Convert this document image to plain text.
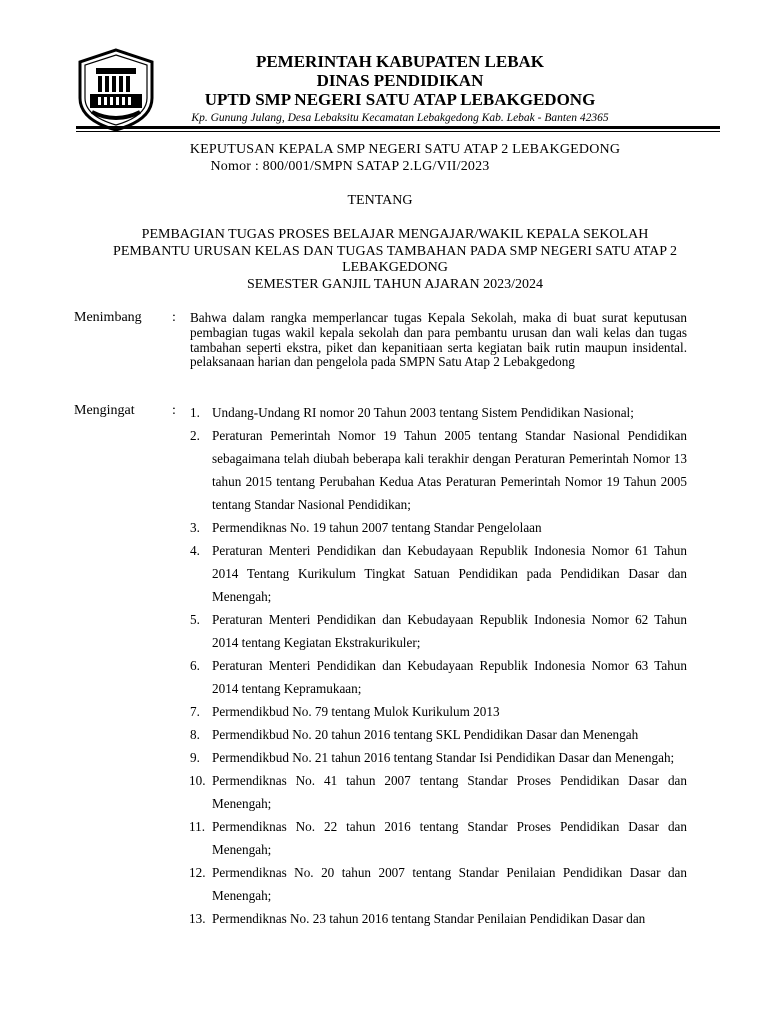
PEMERINTAH KABUPATEN LEBAK
DINAS PENDIDIKAN
UPTD SMP NEGERI SATU ATAP LEBAKGEDONG
Kp. Gunung Julang, Desa Lebaksitu Kecamatan Lebakgedong Kab. Lebak - Banten 42365
KEPUTUSAN KEPALA SMP NEGERI SATU ATAP 2 LEBAKGEDONG
Nomor : 800/001/SMPN SATAP 2.LG/VII/2023
TENTANG
PEMBAGIAN TUGAS PROSES BELAJAR MENGAJAR/WAKIL KEPALA SEKOLAH
PEMBANTU URUSAN KELAS DAN TUGAS TAMBAHAN PADA SMP NEGERI SATU ATAP 2
LEBAKGEDONG
SEMESTER GANJIL TAHUN AJARAN 2023/2024
Menimbang : Bahwa dalam rangka memperlancar tugas Kepala Sekolah, maka di buat surat keputusan pembagian tugas wakil kepala sekolah dan para pembantu urusan dan wali kelas dan tugas tambahan seperti ekstra, piket dan kepanitiaan serta kegiatan baik rutin maupun insidental. pelaksanaan harian dan pengelola pada SMPN Satu Atap 2 Lebakgedong
Mengingat	: 1. Undang-Undang RI nomor 20 Tahun 2003 tentang Sistem Pendidikan Nasional;
2. Peraturan Pemerintah Nomor 19 Tahun 2005 tentang Standar Nasional Pendidikan sebagaimana telah diubah beberapa kali terakhir dengan Peraturan Pemerintah Nomor 13 tahun 2015 tentang Perubahan Kedua Atas Peraturan Pemerintah Nomor 19 Tahun 2005 tentang Standar Nasional Pendidikan;
3. Permendiknas No. 19 tahun 2007 tentang Standar Pengelolaan
4. Peraturan Menteri Pendidikan dan Kebudayaan Republik Indonesia Nomor 61 Tahun 2014 Tentang Kurikulum Tingkat Satuan Pendidikan pada Pendidikan Dasar dan Menengah;
5. Peraturan Menteri Pendidikan dan Kebudayaan Republik Indonesia Nomor 62 Tahun 2014 tentang Kegiatan Ekstrakurikuler;
6. Peraturan Menteri Pendidikan dan Kebudayaan Republik Indonesia Nomor 63 Tahun 2014 tentang Kepramukaan;
7. Permendikbud No. 79 tentang Mulok Kurikulum 2013
8. Permendikbud No. 20 tahun 2016 tentang SKL Pendidikan Dasar dan Menengah
9. Permendikbud No. 21 tahun 2016 tentang Standar Isi Pendidikan Dasar dan Menengah;
10. Permendiknas No. 41 tahun 2007 tentang Standar Proses Pendidikan Dasar dan Menengah;
11. Permendiknas No. 22 tahun 2016 tentang Standar Proses Pendidikan Dasar dan Menengah;
12. Permendiknas No. 20 tahun 2007 tentang Standar Penilaian Pendidikan Dasar dan Menengah;
13. Permendiknas No. 23 tahun 2016 tentang Standar Penilaian Pendidikan Dasar dan
